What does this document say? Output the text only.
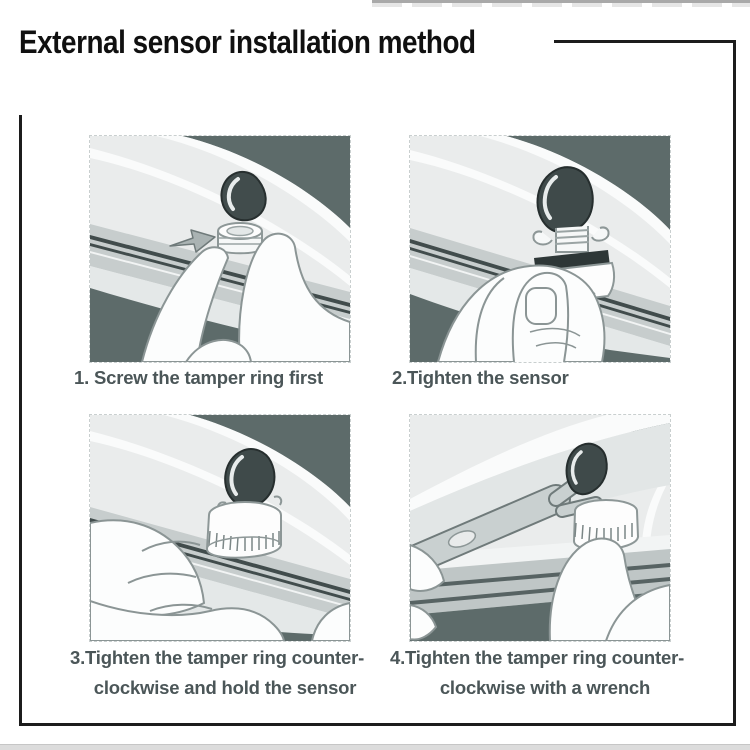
External sensor installation method
1. Screw the tamper ring first	2.Tighten the sensor
3.Tighten the tamper ring counter-
clockwise and hold the sensor
4.Tighten the tamper ring counter-
clockwise with a wrench
